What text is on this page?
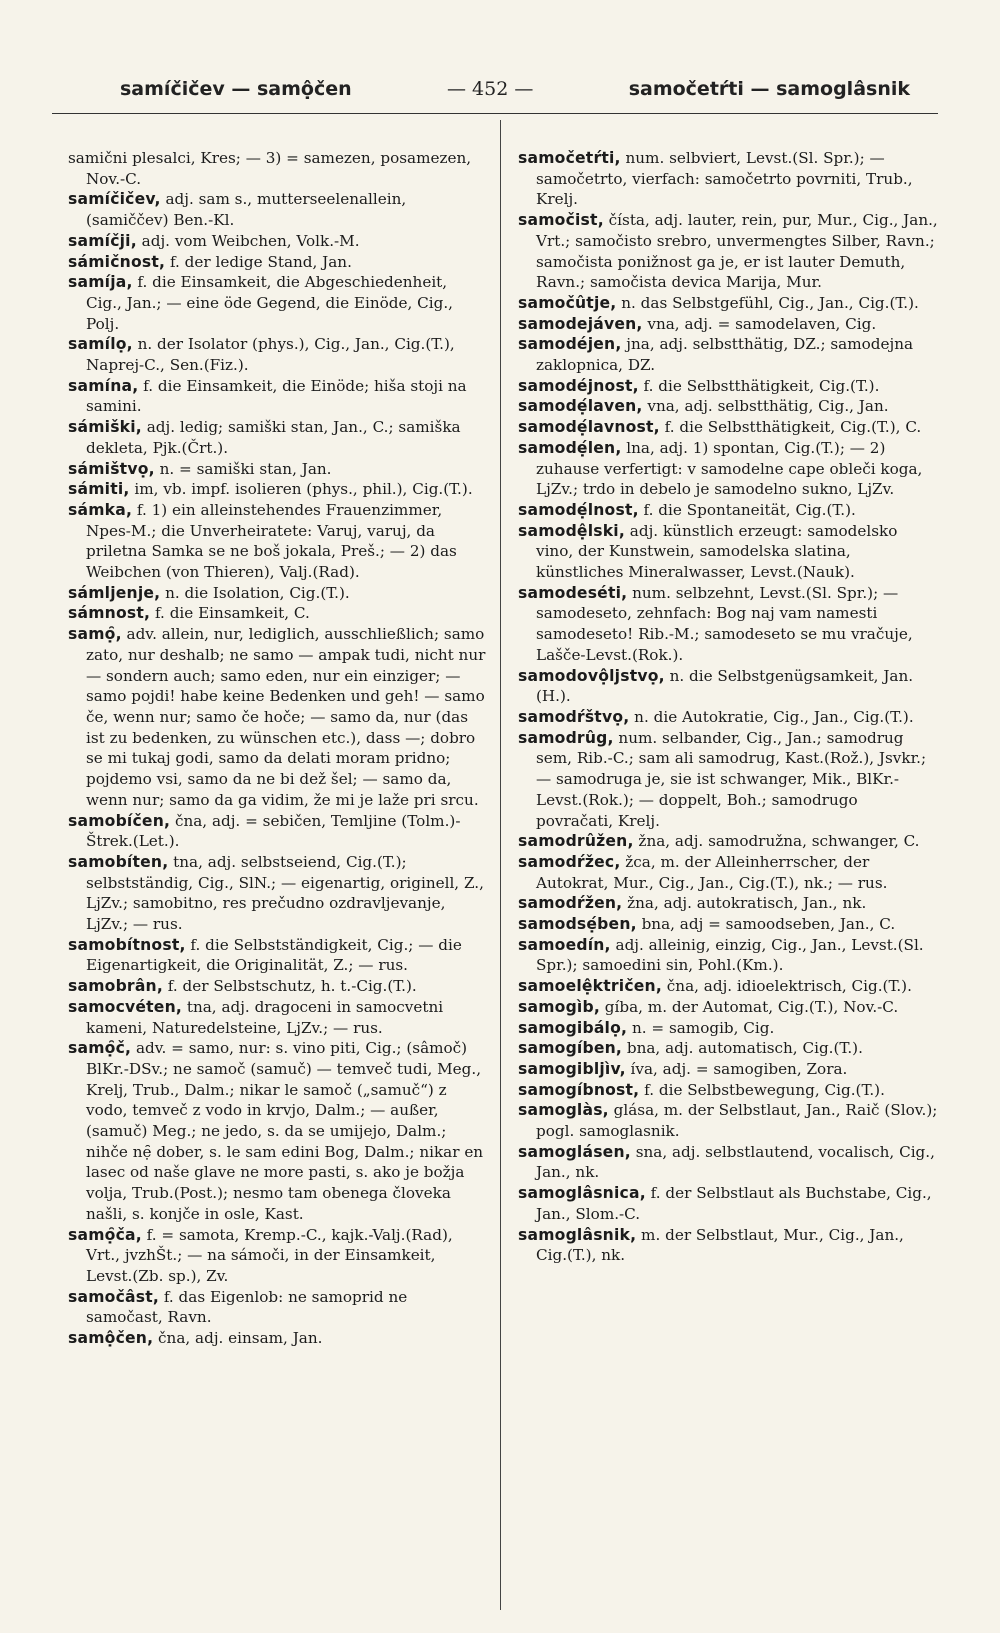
samíčičev — samộčen	— 452 —	samočetŕti — samoglâsnik

samični plesalci, Kres; — 3) = samezen, posamezen, Nov.-C.

samíčičev, adj. sam s., mutterseelenallein, (samiččev) Ben.-Kl.

samíčji, adj. vom Weibchen, Volk.-M.

sámičnost, f. der ledige Stand, Jan.

samíja, f. die Einsamkeit, die Abgeschiedenheit, Cig., Jan.; — eine öde Gegend, die Einöde, Cig., Polj.

samílọ, n. der Isolator (phys.), Cig., Jan., Cig.(T.), Naprej-C., Sen.(Fiz.).

samína, f. die Einsamkeit, die Einöde; hiša stoji na samini.

sámiški, adj. ledig; samiški stan, Jan., C.; samiška dekleta, Pjk.(Črt.).

sámištvọ, n. = samiški stan, Jan.

sámiti, im, vb. impf. isolieren (phys., phil.), Cig.(T.).

sámka, f. 1) ein alleinstehendes Frauenzimmer, Npes-M.; die Unverheiratete: Varuj, varuj, da priletna Samka se ne boš jokala, Preš.; — 2) das Weibchen (von Thieren), Valj.(Rad).

sámljenje, n. die Isolation, Cig.(T.).

sámnost, f. die Einsamkeit, C.

samọ̑, adv. allein, nur, lediglich, ausschließlich; samo zato, nur deshalb; ne samo — ampak tudi, nicht nur — sondern auch; samo eden, nur ein einziger; — samo pojdi! habe keine Bedenken und geh! — samo če, wenn nur; samo če hoče; — samo da, nur (das ist zu bedenken, zu wünschen etc.), dass —; dobro se mi tukaj godi, samo da delati moram pridno; pojdemo vsi, samo da ne bi dež šel; — samo da, wenn nur; samo da ga vidim, že mi je laže pri srcu.

samobíčen, čna, adj. = sebičen, Temljine (Tolm.)-Štrek.(Let.).

samobíten, tna, adj. selbstseiend, Cig.(T.); selbstständig, Cig., SlN.; — eigenartig, originell, Z., LjZv.; samobitno, res prečudno ozdravljevanje, LjZv.; — rus.

samobítnost, f. die Selbstständigkeit, Cig.; — die Eigenartigkeit, die Originalität, Z.; — rus.

samobrân, f. der Selbstschutz, h. t.-Cig.(T.).

samocvéten, tna, adj. dragoceni in samocvetni kameni, Naturedelsteine, LjZv.; — rus.

samọ̑č, adv. = samo, nur: s. vino piti, Cig.; (sâmoč) BlKr.-DSv.; ne samoč (samuč) — temveč tudi, Meg., Krelj, Trub., Dalm.; nikar le samoč („samuč“) z vodo, temveč z vodo in krvjo, Dalm.; — außer, (samuč) Meg.; ne jedo, s. da se umijejo, Dalm.; nihče nẹ̑ dober, s. le sam edini Bog, Dalm.; nikar en lasec od naše glave ne more pasti, s. ako je božja volja, Trub.(Post.); nesmo tam obenega človeka našli, s. konjče in osle, Kast.

samọ̑ča, f. = samota, Kremp.-C., kajk.-Valj.(Rad), Vrt., jvzhŠt.; — na sámoči, in der Einsamkeit, Levst.(Zb. sp.), Zv.

samočâst, f. das Eigenlob: ne samoprid ne samočast, Ravn.

samộčen, čna, adj. einsam, Jan.

samočetŕti, num. selbviert, Levst.(Sl. Spr.); — samočetrto, vierfach: samočetrto povrniti, Trub., Krelj.

samočist, čísta, adj. lauter, rein, pur, Mur., Cig., Jan., Vrt.; samočisto srebro, unvermengtes Silber, Ravn.; samočista ponižnost ga je, er ist lauter Demuth, Ravn.; samočista devica Marija, Mur.

samočûtje, n. das Selbstgefühl, Cig., Jan., Cig.(T.).

samodejáven, vna, adj. = samodelaven, Cig.

samodéjen, jna, adj. selbstthätig, DZ.; samodejna zaklopnica, DZ.

samodéjnost, f. die Selbstthätigkeit, Cig.(T.).

samodẹ́laven, vna, adj. selbstthätig, Cig., Jan.

samodẹ́lavnost, f. die Selbstthätigkeit, Cig.(T.), C.

samodẹ́len, lna, adj. 1) spontan, Cig.(T.); — 2) zuhause verfertigt: v samodelne cape obleči koga, LjZv.; trdo in debelo je samodelno sukno, LjZv.

samodẹ́lnost, f. die Spontaneität, Cig.(T.).

samodệlski, adj. künstlich erzeugt: samodelsko vino, der Kunstwein, samodelska slatina, künstliches Mineralwasser, Levst.(Nauk).

samodeséti, num. selbzehnt, Levst.(Sl. Spr.); — samodeseto, zehnfach: Bog naj vam namesti samodeseto! Rib.-M.; samodeseto se mu vračuje, Lašče-Levst.(Rok.).

samodovộljstvọ, n. die Selbstgenügsamkeit, Jan.(H.).

samodŕštvọ, n. die Autokratie, Cig., Jan., Cig.(T.).

samodrûg, num. selbander, Cig., Jan.; samodrug sem, Rib.-C.; sam ali samodrug, Kast.(Rož.), Jsvkr.; — samodruga je, sie ist schwanger, Mik., BlKr.-Levst.(Rok.); — doppelt, Boh.; samodrugo povračati, Krelj.

samodrûžen, žna, adj. samodružna, schwanger, C.

samodŕžec, žca, m. der Alleinherrscher, der Autokrat, Mur., Cig., Jan., Cig.(T.), nk.; — rus.

samodŕžen, žna, adj. autokratisch, Jan., nk.

samodsẹ́ben, bna, adj = samoodseben, Jan., C.

samoedín, adj. alleinig, einzig, Cig., Jan., Levst.(Sl. Spr.); samoedini sin, Pohl.(Km.).

samoelệktričen, čna, adj. idioelektrisch, Cig.(T.).

samogìb, gíba, m. der Automat, Cig.(T.), Nov.-C.

samogibálọ, n. = samogib, Cig.

samogíben, bna, adj. automatisch, Cig.(T.).

samogibljìv, íva, adj. = samogiben, Zora.

samogíbnost, f. die Selbstbewegung, Cig.(T.).

samoglàs, glása, m. der Selbstlaut, Jan., Raič (Slov.); pogl. samoglasnik.

samoglásen, sna, adj. selbstlautend, vocalisch, Cig., Jan., nk.

samoglâsnica, f. der Selbstlaut als Buchstabe, Cig., Jan., Slom.-C.

samoglâsnik, m. der Selbstlaut, Mur., Cig., Jan., Cig.(T.), nk.
